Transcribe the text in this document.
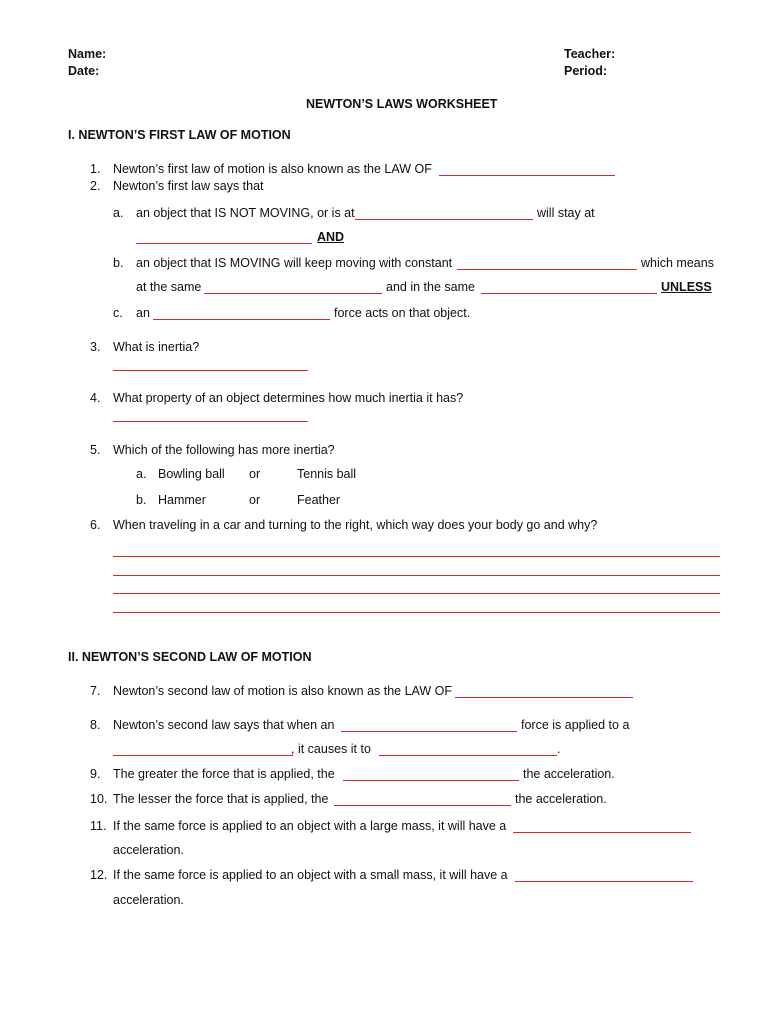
Name:
Date:
Teacher:
Period:
NEWTON’S LAWS WORKSHEET
I. NEWTON’S FIRST LAW OF MOTION
1. Newton’s first law of motion is also known as the LAW OF
2. Newton’s first law says that
a. an object that IS NOT MOVING, or is at	will stay at
AND
b. an object that IS MOVING will keep moving with constant	which means
at the same	and in the same	UNLESS
c. an	force acts on that object.
3. What is inertia?
4. What property of an object determines how much inertia it has?
5. Which of the following has more inertia?
a. Bowling ball or	Tennis ball
b. Hammer	or	Feather
6. When traveling in a car and turning to the right, which way does your body go and why?
II. NEWTON’S SECOND LAW OF MOTION
7. Newton’s second law of motion is also known as the LAW OF
8. Newton’s second law says that when an	force is applied to a
, it causes it to	.
9. The greater the force that is applied, the	the acceleration.
10. The lesser the force that is applied, the	the acceleration.
11. If the same force is applied to an object with a large mass, it will have a
acceleration.
12. If the same force is applied to an object with a small mass, it will have a
acceleration.
